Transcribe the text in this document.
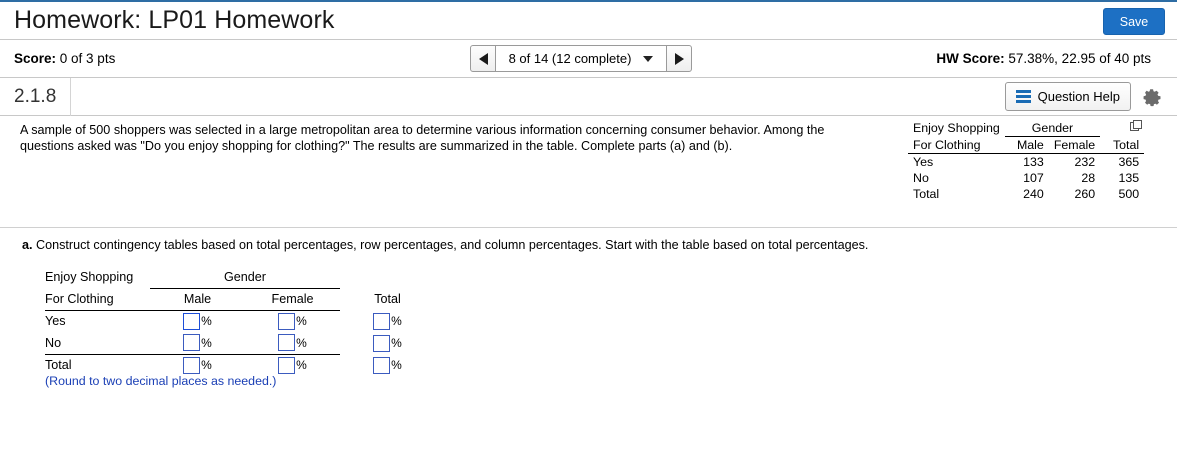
Homework: LP01 Homework	Save
Score: 0 of 3 pts	8 of 14 (12 complete)	HW Score: 57.38%, 22.95 of 40 pts
2.1.8	Question Help
A sample of 500 shoppers was selected in a large metropolitan area to determine various information concerning consumer behavior. Among the questions asked was "Do you enjoy shopping for clothing?" The results are summarized in the table. Complete parts (a) and (b).
Enjoy Shopping	Gender		
For Clothing	Male	Female	Total
Yes	133	232	365
No	107	28	135
Total	240	260	500
a. Construct contingency tables based on total percentages, row percentages, and column percentages. Start with the table based on total percentages.
Enjoy Shopping	Gender		
For Clothing	Male	Female	Total
Yes	%	%	%
No	%	%	%
Total	%	%	%
(Round to two decimal places as needed.)
